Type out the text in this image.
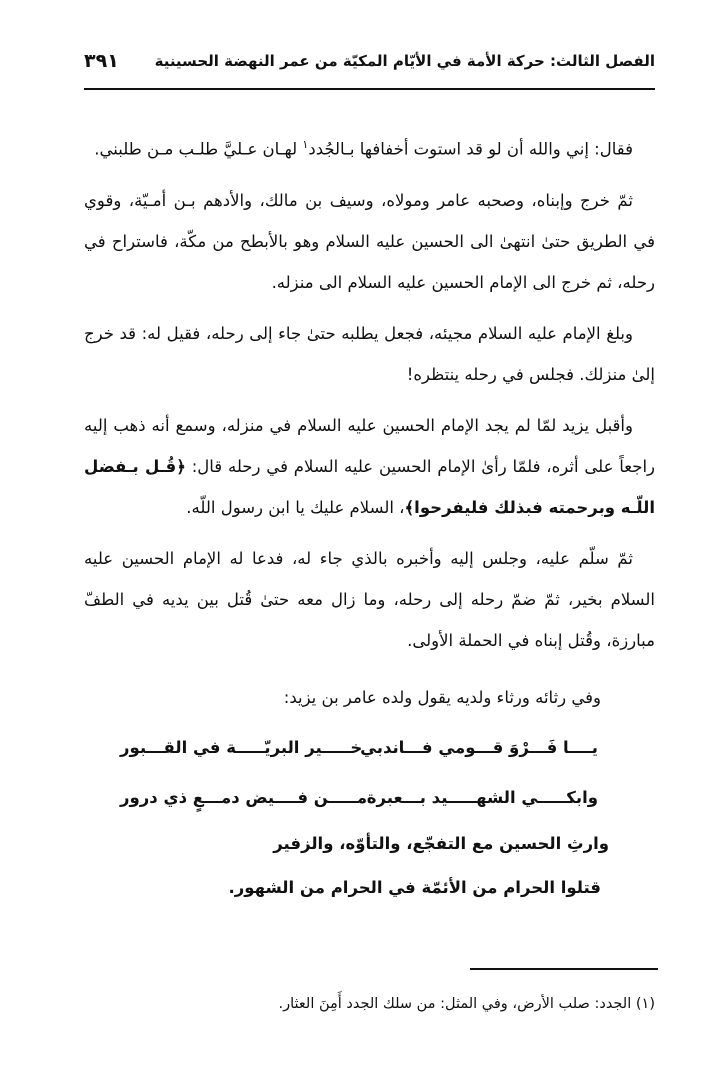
الفصل الثالث: حركة الأمة في الأيّام المكيّة من عمر النهضة الحسينية
٣٩١

فقال: إني والله أن لو قد استوت أخفافها بـالجُدد$^١$ لهـان عـليَّ طلـب مـن طلبني.

ثمّ خرج وإبناه، وصحبه عامر ومولاه، وسيف بن مالك، والأدهم بـن أمـيّة، وقوي في الطريق حتىٰ انتهىٰ الى الحسين عليه السلام وهو بالأبطح من مكّة، فاستراح في رحله، ثم خرج الى الإمام الحسين عليه السلام الى منزله.

وبلغ الإمام عليه السلام مجيئه، فجعل يطلبه حتىٰ جاء إلى رحله، فقيل له: قد خرج إلىٰ منزلك. فجلس في رحله ينتظره!

وأقبل يزيد لمّا لم يجد الإمام الحسين عليه السلام في منزله، وسمع أنه ذهب إليه راجعاً على أثره، فلمّا رأىٰ الإمام الحسين عليه السلام في رحله قال: ﴿قُـل بـفضل اللّـه وبرحمته فبذلك فليفرحوا﴾، السلام عليك يا ابن رسول اللّه.

ثمّ سلّم عليه، وجلس إليه وأخبره بالذي جاء له، فدعا له الإمام الحسين عليه السلام بخير، ثمّ ضمّ رحله إلى رحله، وما زال معه حتىٰ قُتل بين يديه في الطفّ مبارزة، وقُتل إبناه في الحملة الأولى.

وفي رثائه ورثاء ولديه يقول ولده عامر بن يزيد:
يــــا فَـــرْوَ قـــومي فـــاندبي
خـــــير البريّـــــة في القـــبور
وابكـــــي الشهـــــيد بـــعبرة
مـــــن فــــيض دمـــعٍ ذي درور
وارثِ الحسين مع التفجّع، والتأوّه، والزفير
قتلوا الحرام من الأئمّة في الحرام من الشهور.
(١) الجدد: صلب الأرض، وفي المثل: من سلك الجدد أَمِنَ العثار.
